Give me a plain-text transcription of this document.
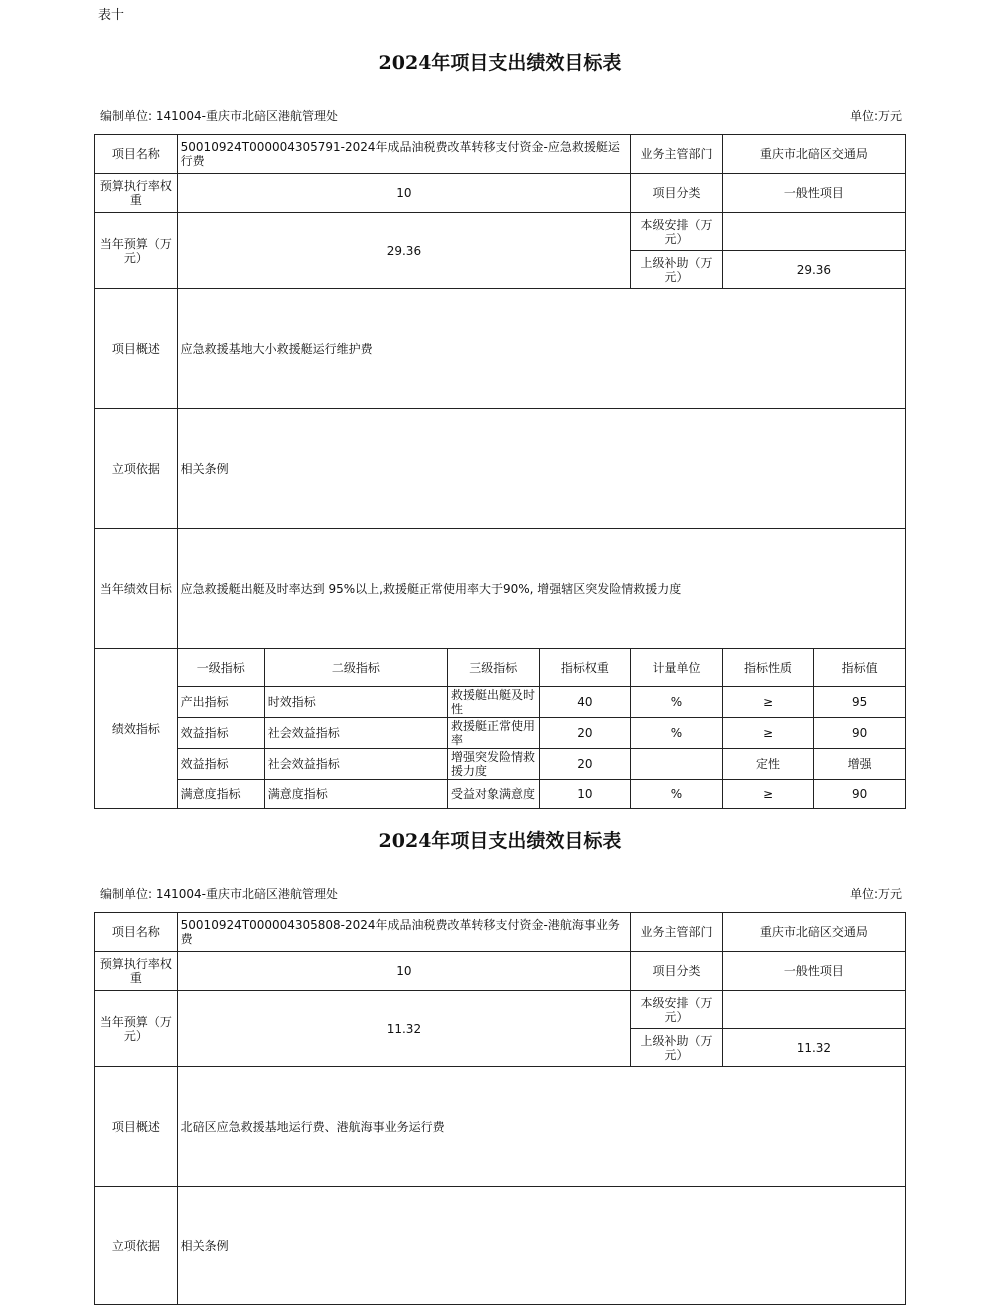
表十
2024年项目支出绩效目标表
编制单位: 141004-重庆市北碚区港航管理处	单位:万元
项目名称	50010924T000004305791-2024年成品油税费改革转移支付资金-应急救援艇运行费				业务主管部门	重庆市北碚区交通局	
预算执行率权重	10				项目分类	一般性项目	
当年预算（万元）	29.36				本级安排（万元）		
					上级补助（万元）	29.36	
项目概述	应急救援基地大小救援艇运行维护费						
立项依据	相关条例						
当年绩效目标	应急救援艇出艇及时率达到 95%以上,救援艇正常使用率大于90%, 增强辖区突发险情救援力度						
绩效指标	一级指标	二级指标	三级指标	指标权重	计量单位	指标性质	指标值
	产出指标	时效指标	救援艇出艇及时性	40	%	≥	95
	效益指标	社会效益指标	救援艇正常使用率	20	%	≥	90
	效益指标	社会效益指标	增强突发险情救援力度	20		定性	增强
	满意度指标	满意度指标	受益对象满意度	10	%	≥	90
2024年项目支出绩效目标表
编制单位: 141004-重庆市北碚区港航管理处	单位:万元
项目名称	50010924T000004305808-2024年成品油税费改革转移支付资金-港航海事业务费	业务主管部门	重庆市北碚区交通局
预算执行率权重	10	项目分类	一般性项目
当年预算（万元）	11.32	本级安排（万元）	
		上级补助（万元）	11.32
项目概述	北碚区应急救援基地运行费、港航海事业务运行费		
立项依据	相关条例		
